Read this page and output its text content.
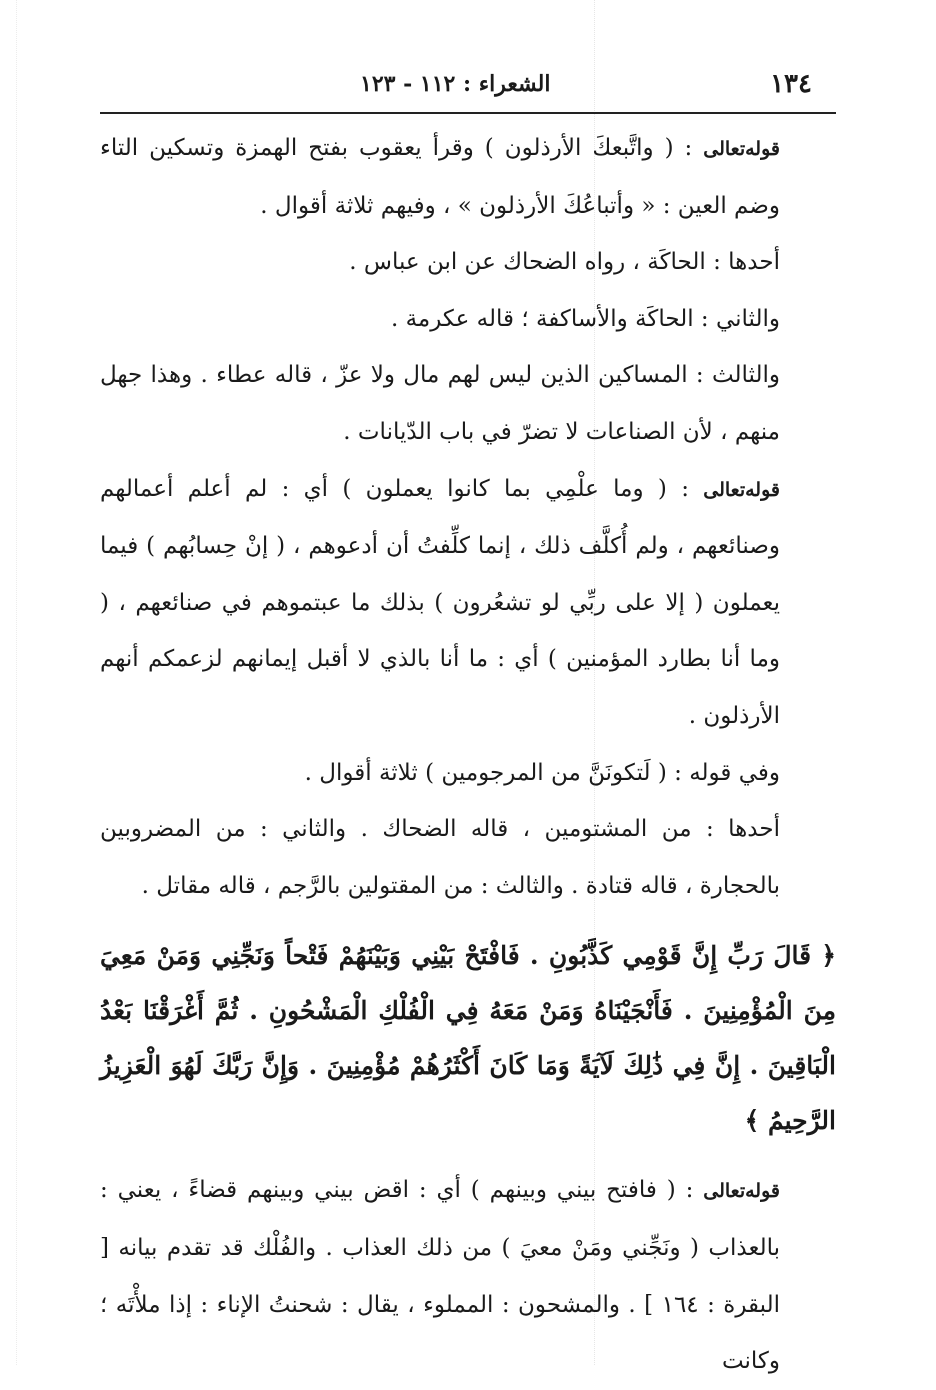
١٣٤
الشعراء : ١١٢ - ١٢٣

قوله‌تعالى : ( واتَّبعكَ الأرذلون ) وقرأ يعقوب بفتح الهمزة وتسكين التاء وضم العين : « وأتباعُكَ الأرذلون » ، وفيهم ثلاثة أقوال .

أحدها : الحاكَة ، رواه الضحاك عن ابن عباس .

والثاني : الحاكَة والأساكفة ؛ قاله عكرمة .

والثالث : المساكين الذين ليس لهم مال ولا عزّ ، قاله عطاء . وهذا جهل منهم ، لأن الصناعات لا تضرّ في باب الدّيانات .

قوله‌تعالى : ( وما علْمِي بما كانوا يعملون ) أي : لم أعلم أعمالهم وصنائعهم ، ولم أُكلَّف ذلك ، إنما كلِّفتُ أن أدعوهم ، ( إنْ حِسابُهم ) فيما يعملون ( إلا على ربِّي لو تشعُرون ) بذلك ما عبتموهم في صنائعهم ، ( وما أنا بطارد المؤمنين ) أي : ما أنا بالذي لا أقبل إيمانهم لزعمكم أنهم الأرذلون .

وفي قوله : ( لَتكونَنَّ من المرجومين ) ثلاثة أقوال .

أحدها : من المشتومين ، قاله الضحاك . والثاني : من المضروبين بالحجارة ، قاله قتادة . والثالث : من المقتولين بالرَّجم ، قاله مقاتل .

﴿ قَالَ رَبِّ إِنَّ قَوْمِي كَذَّبُونِ . فَافْتَحْ بَيْنِي وَبَيْنَهُمْ فَتْحاً وَنَجِّنِي وَمَنْ مَعِيَ مِنَ الْمُؤْمِنِينَ . فَأَنْجَيْنَاهُ وَمَنْ مَعَهُ فِي الْفُلْكِ الْمَشْحُونِ . ثُمَّ أَغْرَقْنَا بَعْدُ الْبَاقِينَ . إِنَّ فِي ذَٰلِكَ لَآيَةً وَمَا كَانَ أَكْثَرُهُمْ مُؤْمِنِينَ . وَإِنَّ رَبَّكَ لَهُوَ الْعَزِيزُ الرَّحِيمُ ﴾

قوله‌تعالى : ( فافتح بيني وبينهم ) أي : اقض بيني وبينهم قضاءً ، يعني : بالعذاب ( ونَجِّني ومَنْ معيَ ) من ذلك العذاب . والفُلْك قد تقدم بيانه [ البقرة : ١٦٤ ] . والمشحون : المملوء ، يقال : شحنتُ الإناء : إذا ملأْتَه ؛ وكانت
